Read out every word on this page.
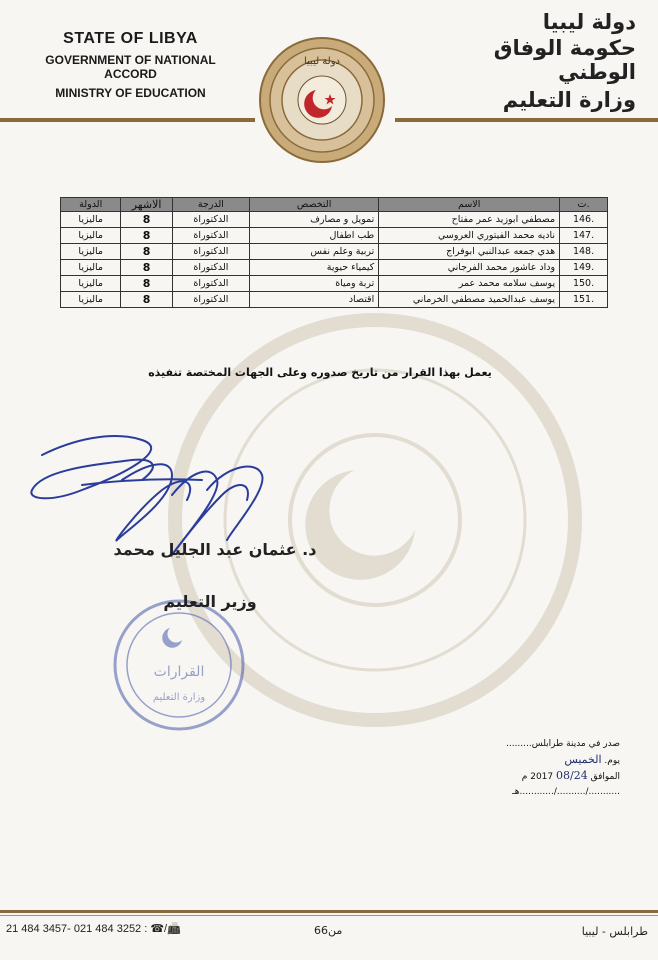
STATE OF LIBYA
GOVERNMENT OF NATIONAL ACCORD
MINISTRY OF EDUCATION
دولة ليبيا
دولة ليبيا
حكومة الوفاق الوطني
وزارة التعليم
ت.	الاسم	التخصص	الدرجة	الاشهر	الدولة
146.	مصطفي ابوزيد عمر مفتاح	تمويل و مصارف	الدكتوراة	8	ماليزيا
147.	ناديه محمد الفيتوري العروسي	طب اطفال	الدكتوراة	8	ماليزيا
148.	هدي جمعه عبدالنبي ابوفراج	تربية وعلم نفس	الدكتوراة	8	ماليزيا
149.	وداد عاشور محمد الفرجاني	كيمياء حيوية	الدكتوراة	8	ماليزيا
150.	يوسف سلامه محمد عمر	تربة ومياة	الدكتوراة	8	ماليزيا
151.	يوسف عبدالحميد مصطفي الخرماني	اقتصاد	الدكتوراة	8	ماليزيا
يعمل بهذا القرار من تاريخ صدوره وعلى الجهات المختصة تنفيذه
د. عثمان عبد الجليل محمد
القرارات
وزارة التعليم
وزير التعليم
صدر في مدينة طرابلس.........
يوم. الخميس
الموافق 08/24 2017 م
.........../........../............هـ
21 484 3457- 021 484 3252 : ☎/📠	6من6	طرابلس - ليبيا
